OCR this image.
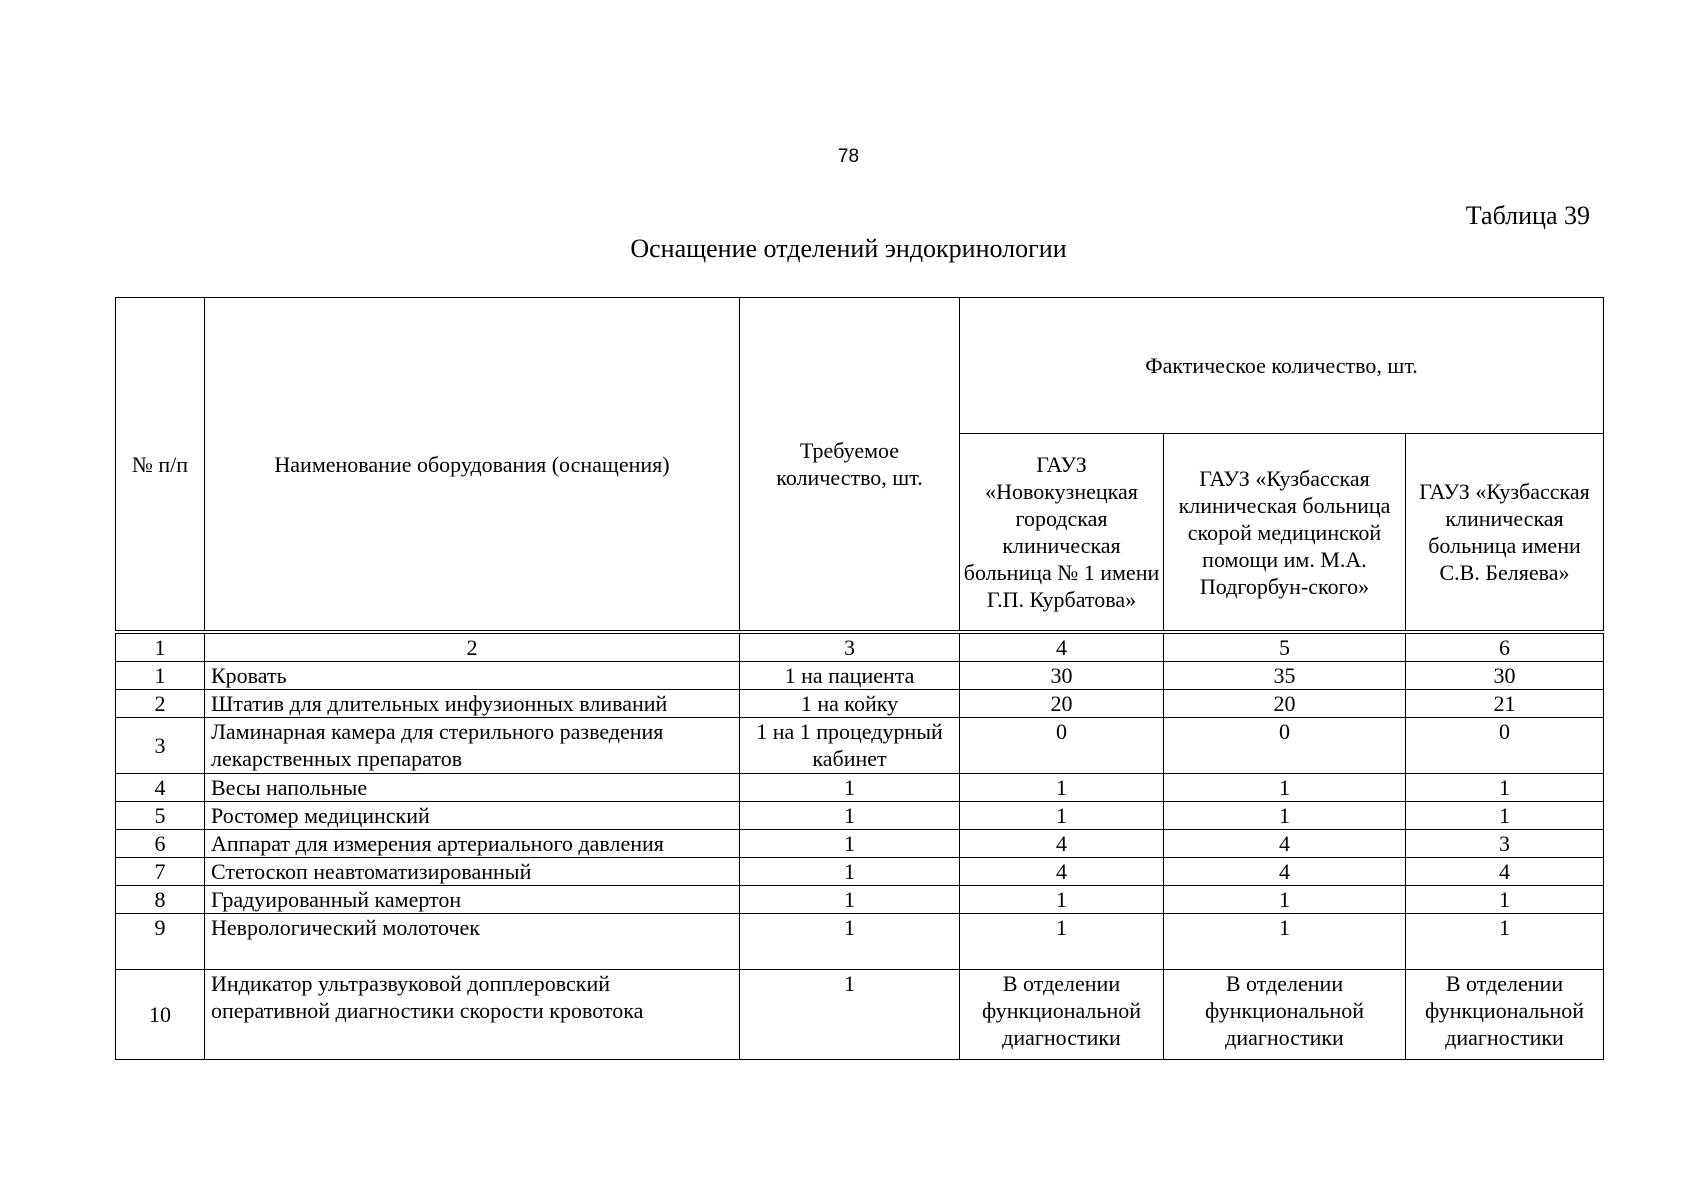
78
Таблица 39
Оснащение отделений эндокринологии
№ п/п	Наименование оборудования (оснащения)	Требуемое количество, шт.	Фактическое количество, шт.		
			ГАУЗ «Новокузнецкая городская клиническая больница № 1 имени Г.П. Курбатова»	ГАУЗ «Кузбасская клиническая больница скорой медицинской помощи им. М.А. Подгорбун-ского»	ГАУЗ «Кузбасская клиническая больница имени С.В. Беляева»
1	2	3	4	5	6
1	Кровать	1 на пациента	30	35	30
2	Штатив для длительных инфузионных вливаний	1 на койку	20	20	21
3	Ламинарная камера для стерильного разведения лекарственных препаратов	1 на 1 процедурный кабинет	0	0	0
4	Весы напольные	1	1	1	1
5	Ростомер медицинский	1	1	1	1
6	Аппарат для измерения артериального давления	1	4	4	3
7	Стетоскоп неавтоматизированный	1	4	4	4
8	Градуированный камертон	1	1	1	1
9	Неврологический молоточек	1	1	1	1
10	Индикатор ультразвуковой допплеровский оперативной диагностики скорости кровотока	1	В отделении функциональной диагностики	В отделении функциональной диагностики	В отделении функциональной диагностики
